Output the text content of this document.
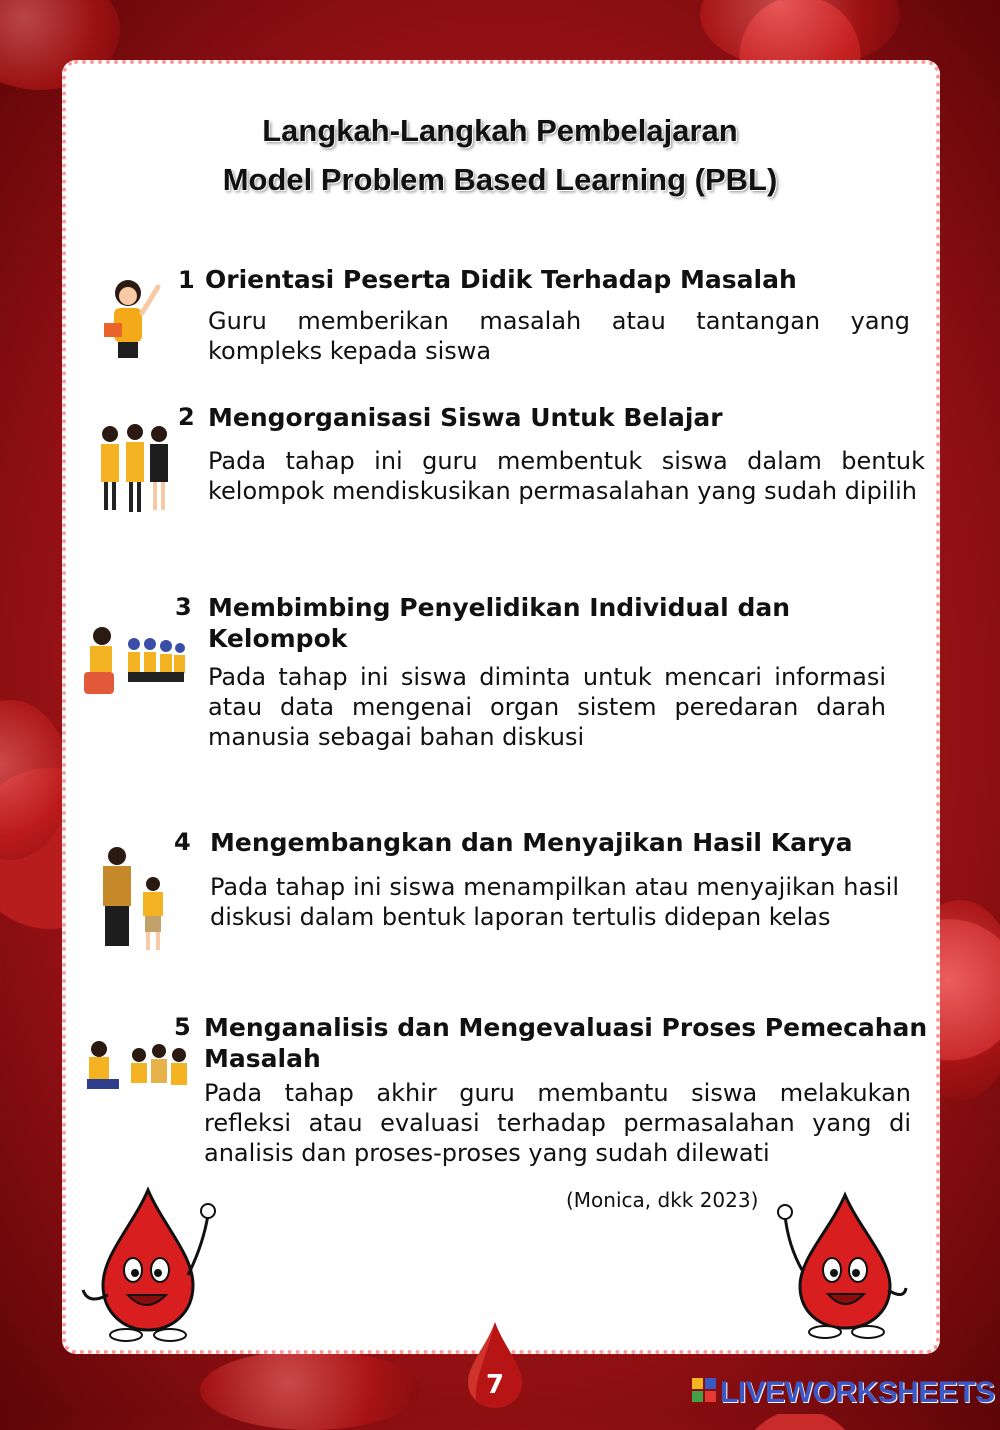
Langkah-Langkah Pembelajaran
Model Problem Based Learning (PBL)
1 Orientasi Peserta Didik Terhadap Masalah
Guru memberikan masalah atau tantangan yang kompleks kepada siswa
2 Mengorganisasi Siswa Untuk Belajar
Pada tahap ini guru membentuk siswa dalam bentuk kelompok mendiskusikan permasalahan yang sudah dipilih
3 Membimbing Penyelidikan Individual dan Kelompok
Pada tahap ini siswa diminta untuk mencari informasi atau data mengenai organ sistem peredaran darah manusia sebagai bahan diskusi
4 Mengembangkan dan Menyajikan Hasil Karya
Pada tahap ini siswa menampilkan atau menyajikan hasil diskusi dalam bentuk laporan tertulis didepan kelas
5 Menganalisis dan Mengevaluasi Proses Pemecahan Masalah
Pada tahap akhir guru membantu siswa melakukan refleksi atau evaluasi terhadap permasalahan yang di analisis dan proses-proses yang sudah dilewati
(Monica, dkk 2023)
7	LIVEWORKSHEETS
